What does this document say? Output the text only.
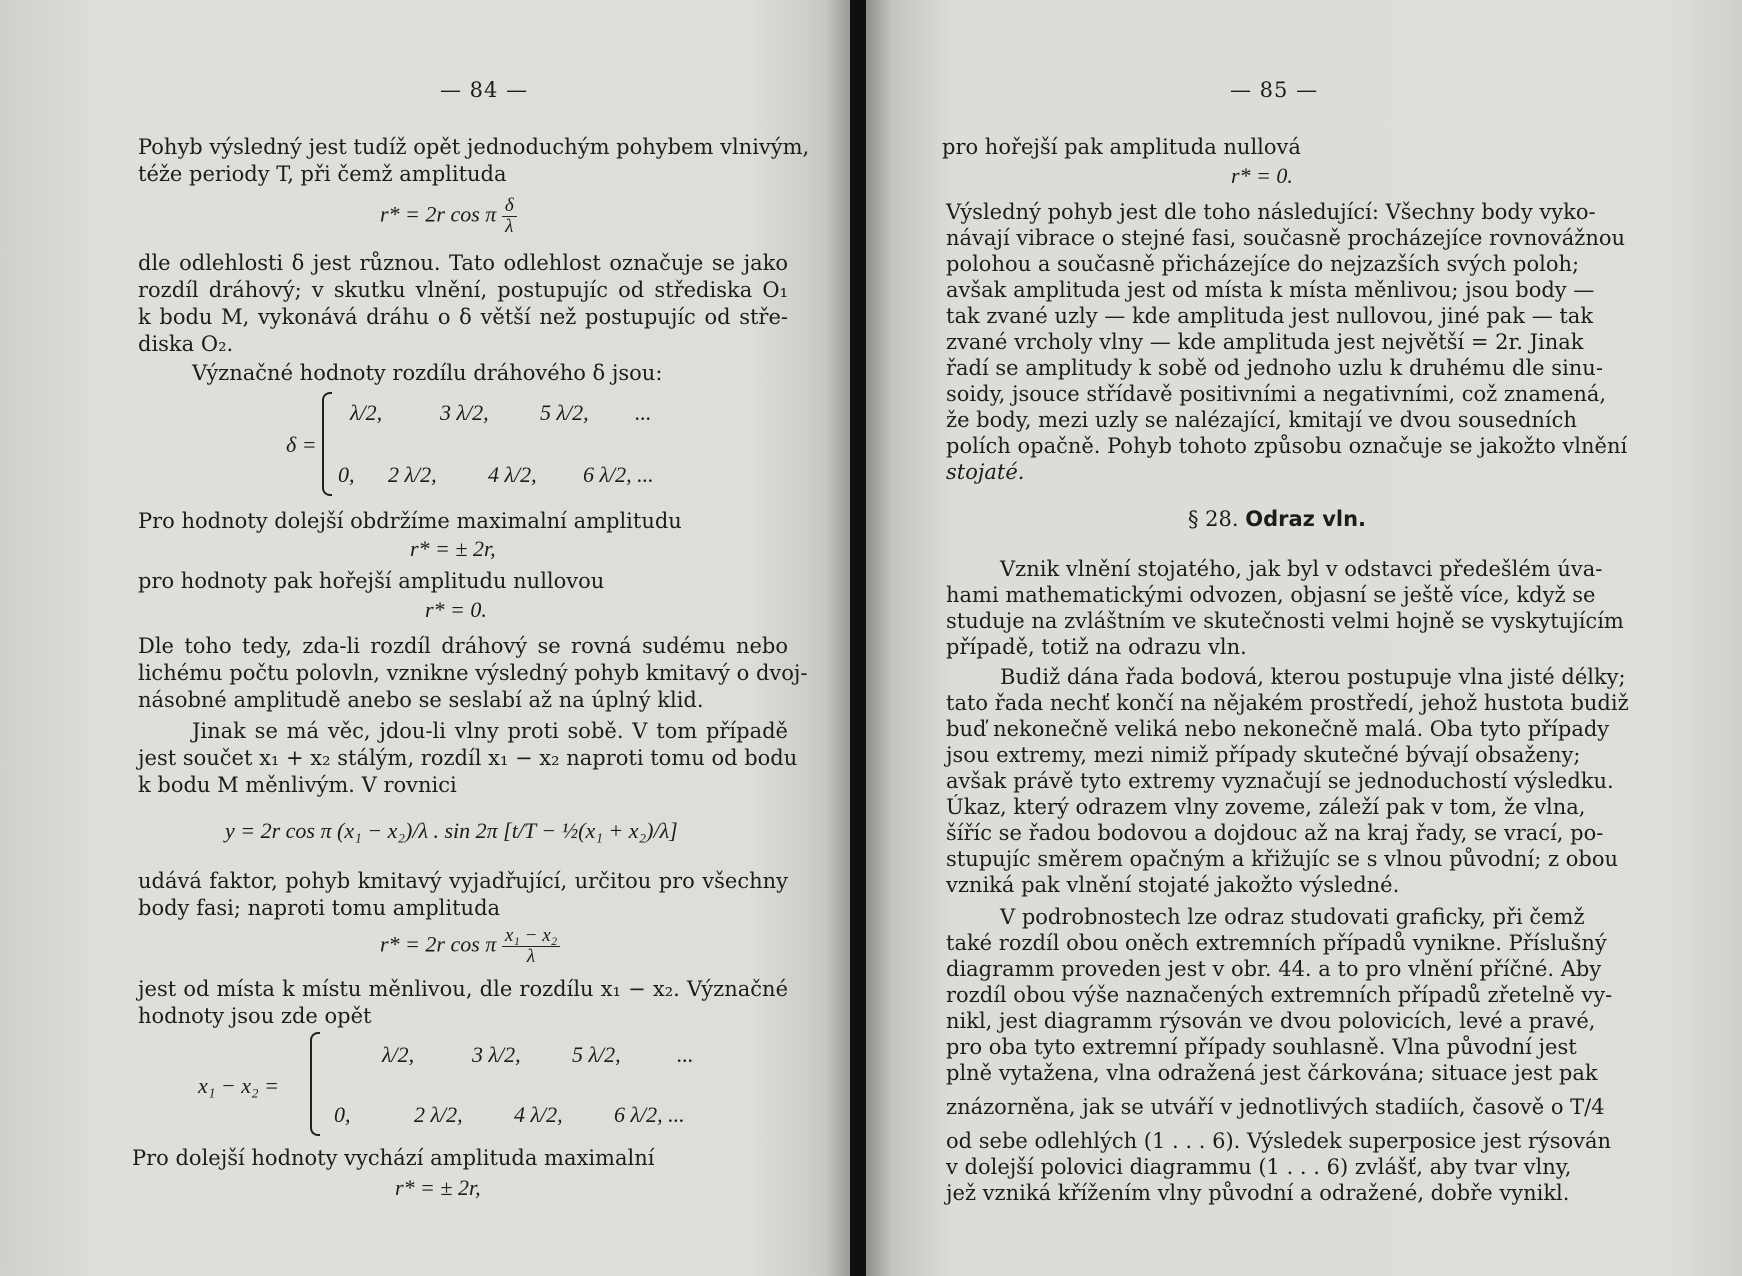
— 84 —
Pohyb výsledný jest tudíž opět jednoduchým pohybem vlnivým,
téže periody T, při čemž amplituda
r* = 2r cos π $\frac{\delta}{\lambda}$
dle odlehlosti δ jest různou. Tato odlehlost označuje se jako
rozdíl dráhový; v skutku vlnění, postupujíc od střediska O₁
k bodu M, vykonává dráhu o δ větší než postupujíc od stře-
diska O₂.
Význačné hodnoty rozdílu dráhového δ jsou:
δ =
λ/2,	3 λ/2, 5 λ/2, ...
0, 2 λ/2, 4 λ/2, 6 λ/2, ...
Pro hodnoty dolejší obdržíme maximalní amplitudu
r* = ± 2r,
pro hodnoty pak hořejší amplitudu nullovou
r* = 0.
Dle toho tedy, zda-li rozdíl dráhový se rovná sudému nebo
lichému počtu polovln, vznikne výsledný pohyb kmitavý o dvoj-
násobné amplitudě anebo se seslabí až na úplný klid.
Jinak se má věc, jdou-li vlny proti sobě. V tom případě
jest součet x₁ + x₂ stálým, rozdíl x₁ − x₂ naproti tomu od bodu
k bodu M měnlivým. V rovnici
y = 2r cos π (x₁ − x₂)/λ . sin 2π [t/T − ½(x₁ + x₂)/λ]
udává faktor, pohyb kmitavý vyjadřující, určitou pro všechny
body fasi; naproti tomu amplituda
r* = 2r cos π $\frac{\text{x₁ − x₂}}{\lambda}$
jest od místa k místu měnlivou, dle rozdílu x₁ − x₂. Význačné
hodnoty jsou zde opět
x₁ − x₂ =
λ/2,	3 λ/2, 5 λ/2,	...
0,	2 λ/2, 4 λ/2, 6 λ/2, ...
Pro dolejší hodnoty vychází amplituda maximalní
r* = ± 2r,
— 85 —
pro hořejší pak amplituda nullová
r* = 0.
Výsledný pohyb jest dle toho následující: Všechny body vyko-
návají vibrace o stejné fasi, současně procházejíce rovnovážnou
polohou a současně přicházejíce do nejzazších svých poloh;
avšak amplituda jest od místa k místa měnlivou; jsou body —
tak zvané uzly — kde amplituda jest nullovou, jiné pak — tak
zvané vrcholy vlny — kde amplituda jest největší = 2r. Jinak
řadí se amplitudy k sobě od jednoho uzlu k druhému dle sinu-
soidy, jsouce střídavě positivními a negativními, což znamená,
že body, mezi uzly se nalézající, kmitají ve dvou sousedních
polích opačně. Pohyb tohoto způsobu označuje se jakožto vlnění
stojaté.
§ 28. Odraz vln.
Vznik vlnění stojatého, jak byl v odstavci předešlém úva-
hami mathematickými odvozen, objasní se ještě více, když se
studuje na zvláštním ve skutečnosti velmi hojně se vyskytujícím
případě, totiž na odrazu vln.
Budiž dána řada bodová, kterou postupuje vlna jisté délky;
tato řada nechť končí na nějakém prostředí, jehož hustota budiž
buď nekonečně veliká nebo nekonečně malá. Oba tyto případy
jsou extremy, mezi nimiž případy skutečné bývají obsaženy;
avšak právě tyto extremy vyznačují se jednoduchostí výsledku.
Úkaz, který odrazem vlny zoveme, záleží pak v tom, že vlna,
šíříc se řadou bodovou a dojdouc až na kraj řady, se vrací, po-
stupujíc směrem opačným a křižujíc se s vlnou původní; z obou
vzniká pak vlnění stojaté jakožto výsledné.
V podrobnostech lze odraz studovati graficky, při čemž
také rozdíl obou oněch extremních případů vynikne. Příslušný
diagramm proveden jest v obr. 44. a to pro vlnění příčné. Aby
rozdíl obou výše naznačených extremních případů zřetelně vy-
nikl, jest diagramm rýsován ve dvou polovicích, levé a pravé,
pro oba tyto extremní případy souhlasně. Vlna původní jest
plně vytažena, vlna odražená jest čárkována; situace jest pak
znázorněna, jak se utváří v jednotlivých stadiích, časově o T/4
od sebe odlehlých (1 . . . 6). Výsledek superposice jest rýsován
v dolejší polovici diagrammu (1 . . . 6) zvlášť, aby tvar vlny,
jež vzniká křížením vlny původní a odražené, dobře vynikl.
